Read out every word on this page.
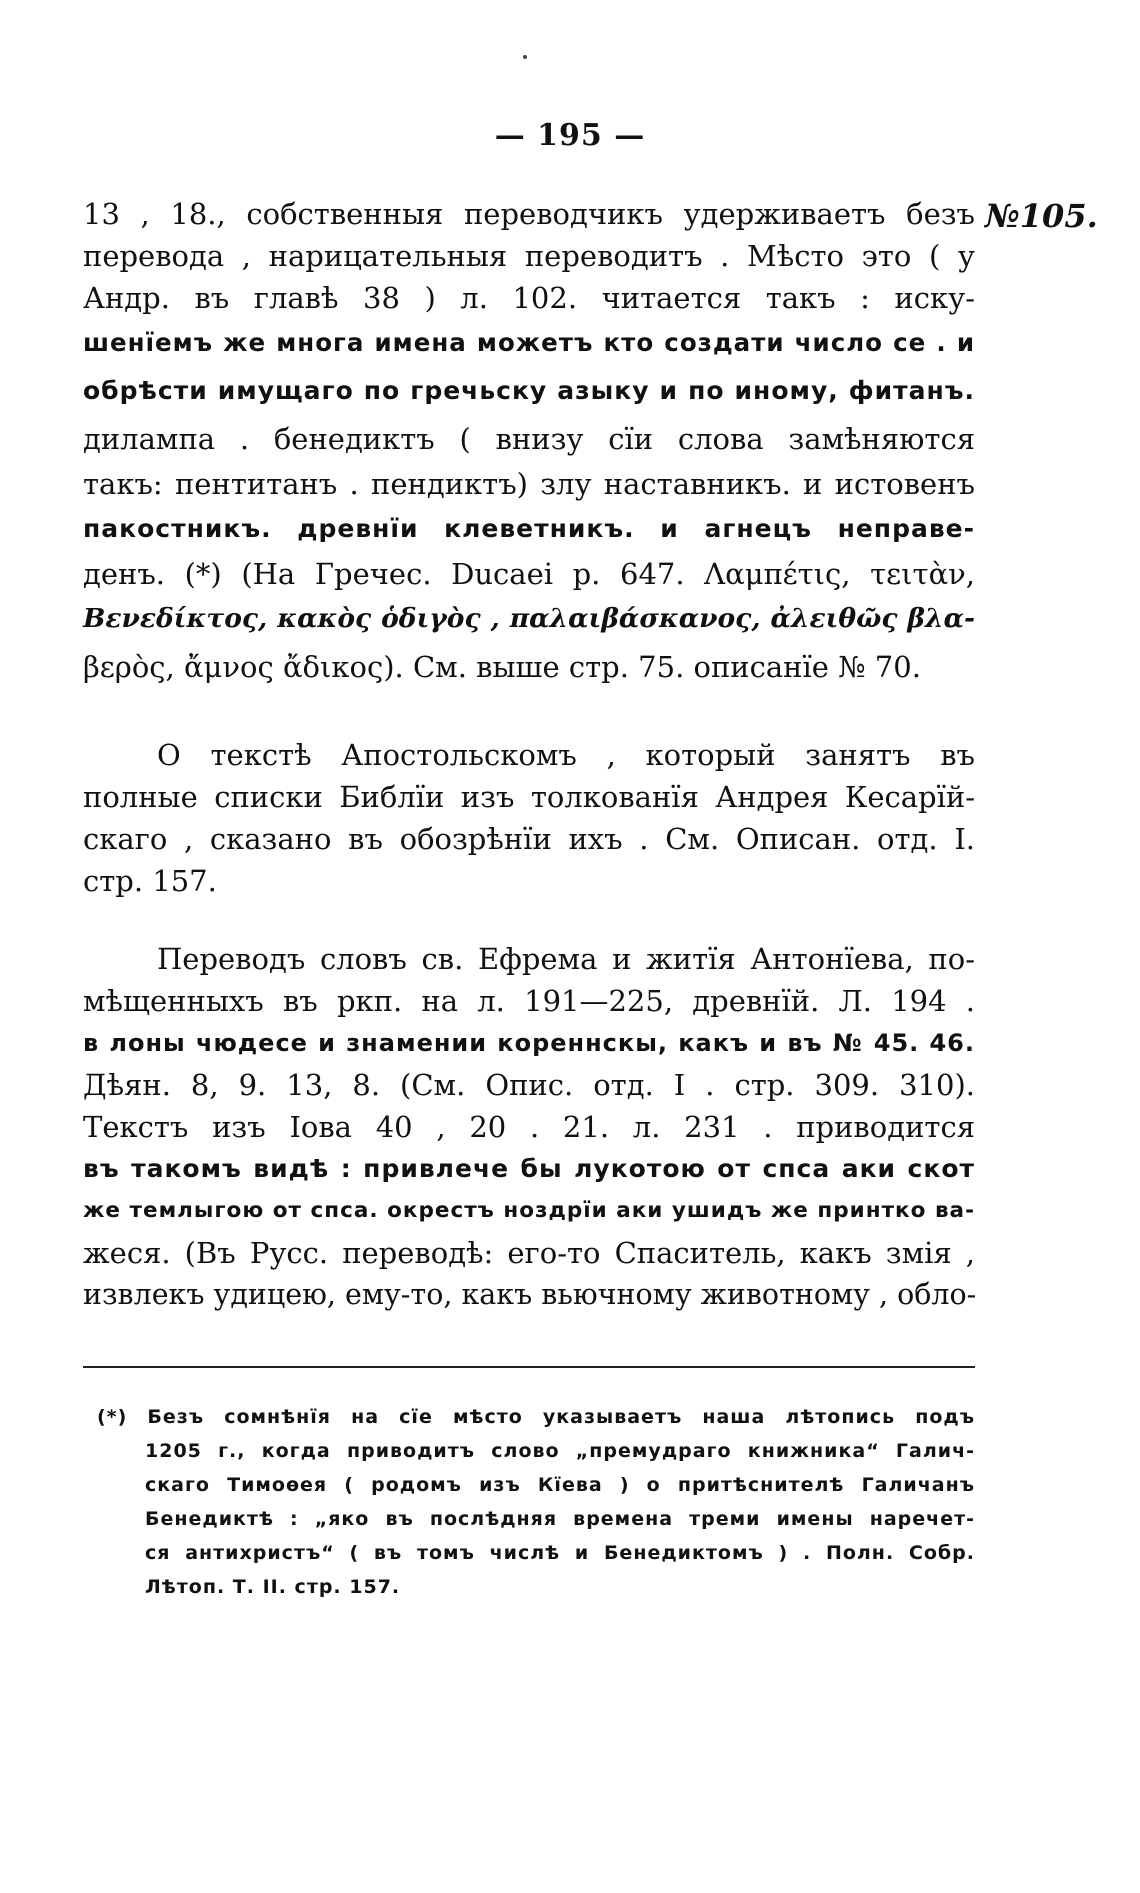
— 195 —
№105.
13 , 18., собственныя переводчикъ удерживаетъ безъ
перевода , нарицательныя переводитъ . Мѣсто это ( у
Андр. въ главѣ 38 ) л. 102. читается такъ : иску-
шенїемъ же многа имена можетъ кто создати число се . и
обрѣсти имущаго по гречьску азыку и по иному, фитанъ.
дилампа . бенедиктъ ( внизу сїи слова замѣняются
такъ: пентитанъ . пендиктъ) злу наставникъ. и истовенъ
пакостникъ. древнїи клеветникъ. и агнецъ неправе-
денъ. (*) (На Гречес. Ducaei p. 647. Λαμπέτις, τειτὰν,
Βενεδίκτος, κακὸς ὁδιγὸς , παλαιβάσκανος, ἀλειθῶς βλα-
βερὸς, ἄμνος ἄδικος). См. выше стр. 75. описанїе № 70.
О текстѣ Апостольскомъ , который занятъ въ
полные списки Библїи изъ толкованїя Андрея Кесарїй-
скаго , сказано въ обозрѣнїи ихъ . См. Описан. отд. I.
стр. 157.
Переводъ словъ св. Ефрема и житїя Антонїева, по-
мѣщенныхъ въ ркп. на л. 191—225, древнїй. Л. 194 .
в лоны чюдесе и знамении кореннскы, какъ и въ № 45. 46.
Дѣян. 8, 9. 13, 8. (См. Опис. отд. I . стр. 309. 310).
Текстъ изъ Iова 40 , 20 . 21. л. 231 . приводится
въ такомъ видѣ : привлече бы лукотою от спса аки скот
же темлыгою от спса. окрестъ ноздрїи аки ушидъ же принтко ва-
жеся. (Въ Русс. переводѣ: его-то Спаситель, какъ змія ,
извлекъ удицею, ему-то, какъ вьючному животному , обло-
(*) Безъ сомнѣнїя на сїе мѣсто указываетъ наша лѣтопись подъ
1205 г., когда приводитъ слово „премудраго книжника“ Галич-
скаго Тимоѳея ( родомъ изъ Кїева ) о притѣснителѣ Галичанъ
Бенедиктѣ : „яко въ послѣдняя времена треми имены наречет-
ся антихристъ“ ( въ томъ числѣ и Бенедиктомъ ) . Полн. Собр.
Лѣтоп. Т. II. стр. 157.
